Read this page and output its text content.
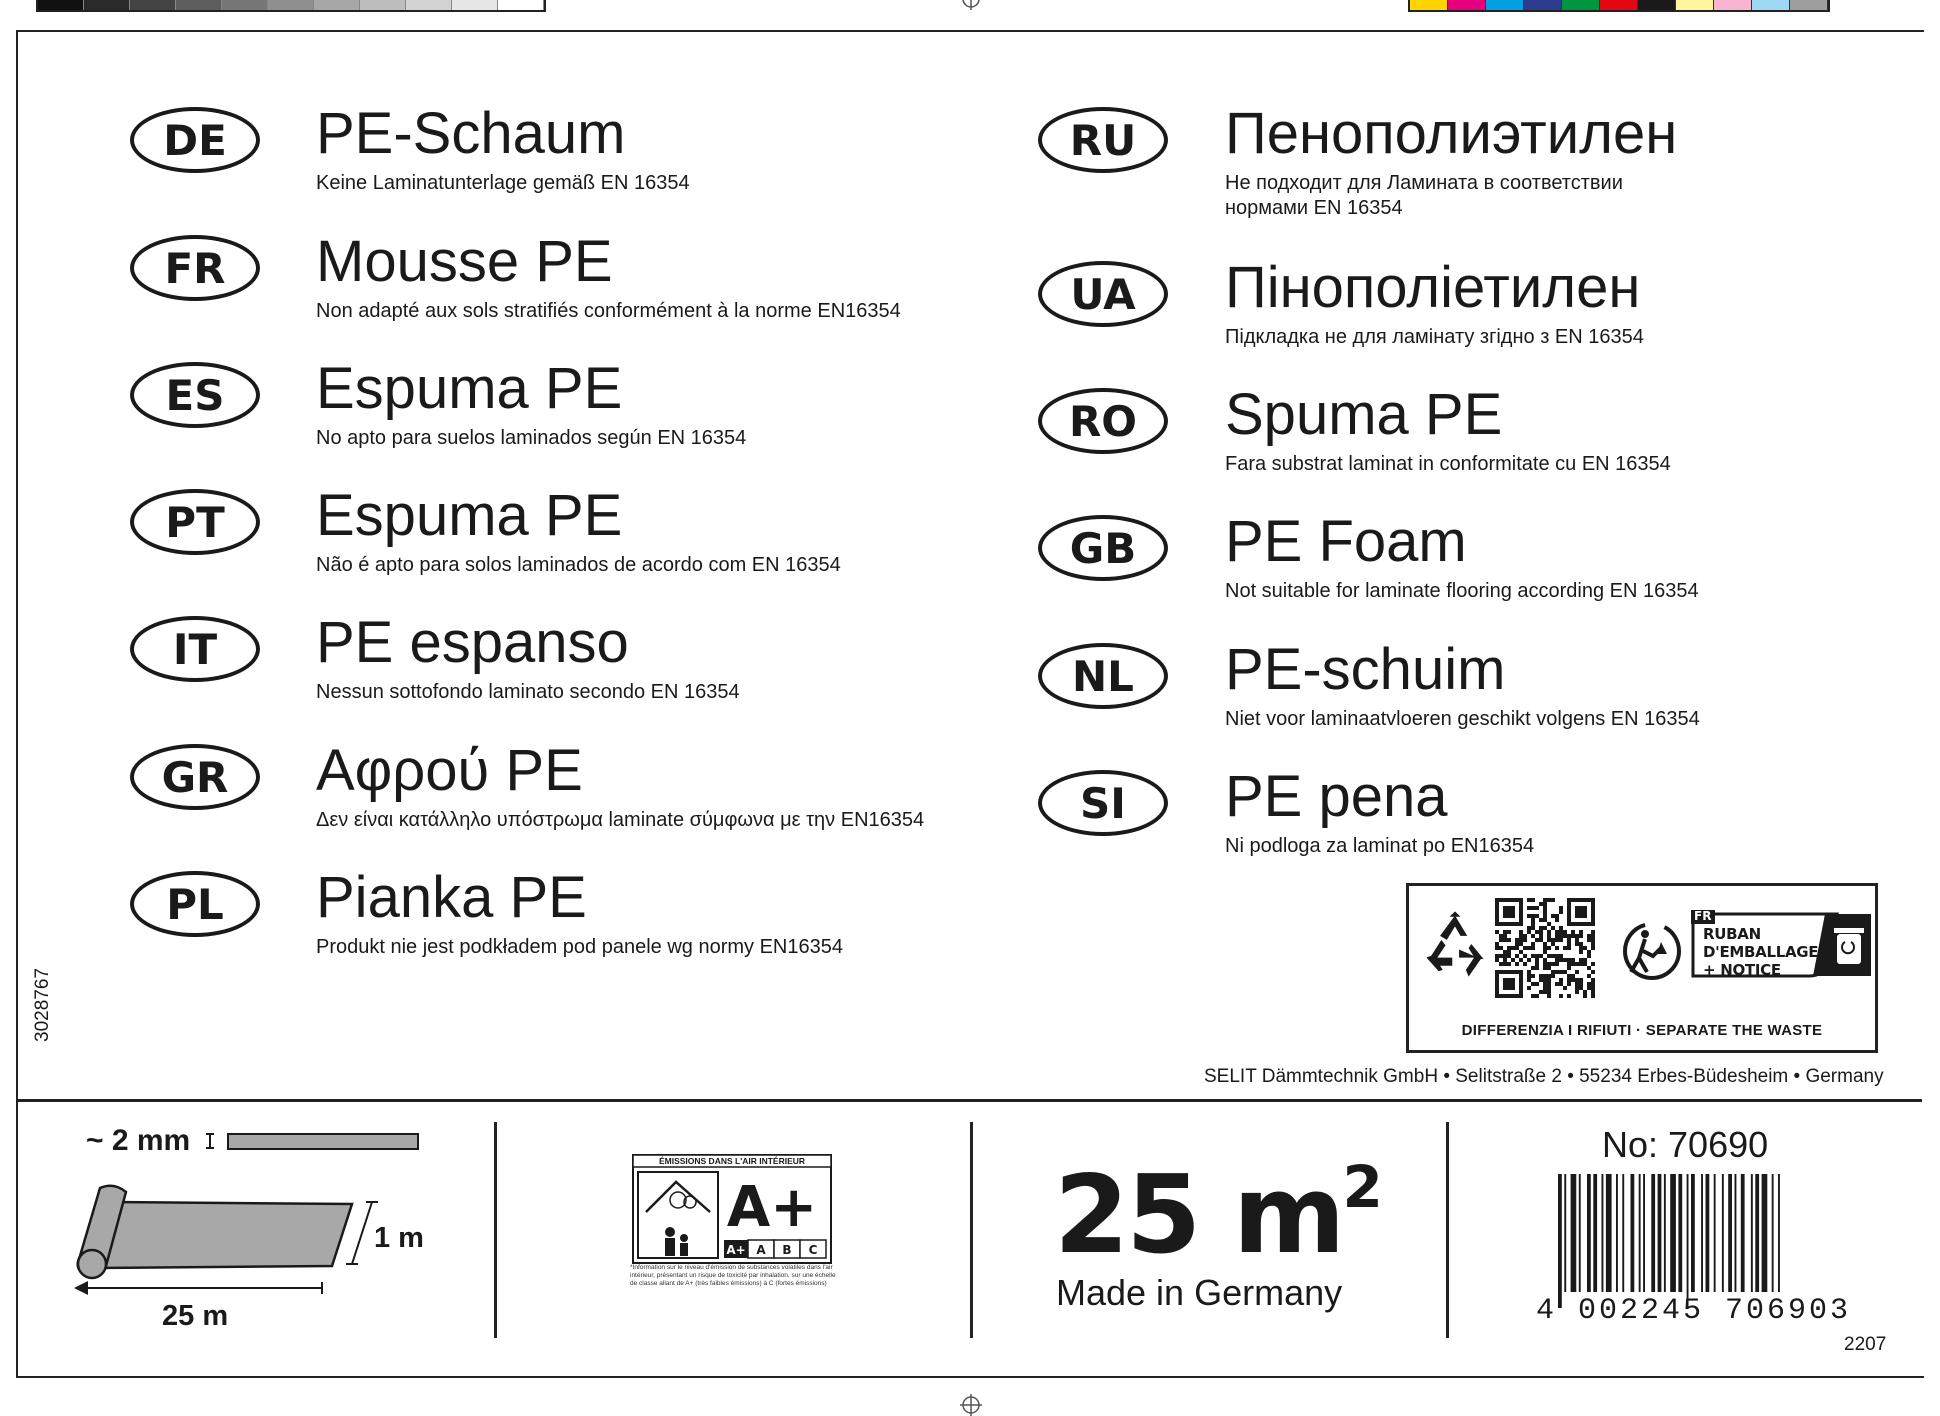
DE	PE-Schaum
Keine Laminatunterlage gemäß EN 16354
FR	Mousse PE
Non adapté aux sols stratifiés conformément à la norme EN16354
ES	Espuma PE
No apto para suelos laminados según EN 16354
PT	Espuma PE
Não é apto para solos laminados de acordo com EN 16354
IT	PE espanso
Nessun sottofondo laminato secondo EN 16354
GR	Αφρού PE
Δεν είναι κατάλληλο υπόστρωμα laminate σύμφωνα με την EN16354
PL	Pianka PE
Produkt nie jest podkładem pod panele wg normy EN16354
RU	Пенополиэтилен
Не подходит для Ламината в соответствии
нормами EN 16354
UA	Пінополіетилен
Підкладка не для ламінату згідно з EN 16354
RO	Spuma PE
Fara substrat laminat in conformitate cu EN 16354
GB	PE Foam
Not suitable for laminate flooring according EN 16354
NL	PE-schuim
Niet voor laminaatvloeren geschikt volgens EN 16354
SI	PE pena
Ni podloga za laminat po EN16354
FR
RUBAN
D'EMBALLAGE
+ NOTICE
DIFFERENZIA I RIFIUTI · SEPARATE THE WASTE
SELIT Dämmtechnik GmbH • Selitstraße 2 • 55234 Erbes-Büdesheim • Germany
3028767
~ 2 mm
1 m
25 m
ÉMISSIONS DANS L'AIR INTÉRIEUR
A+
A+ A B C
*Information sur le niveau d'émission de substances volatiles dans l'air intérieur, présentant un risque de toxicité par inhalation, sur une échelle de classe allant de A+ (très faibles émissions) à C (fortes émissions)
25 $m^2$
Made in Germany
No: 70690
4 002245 706903
2207
